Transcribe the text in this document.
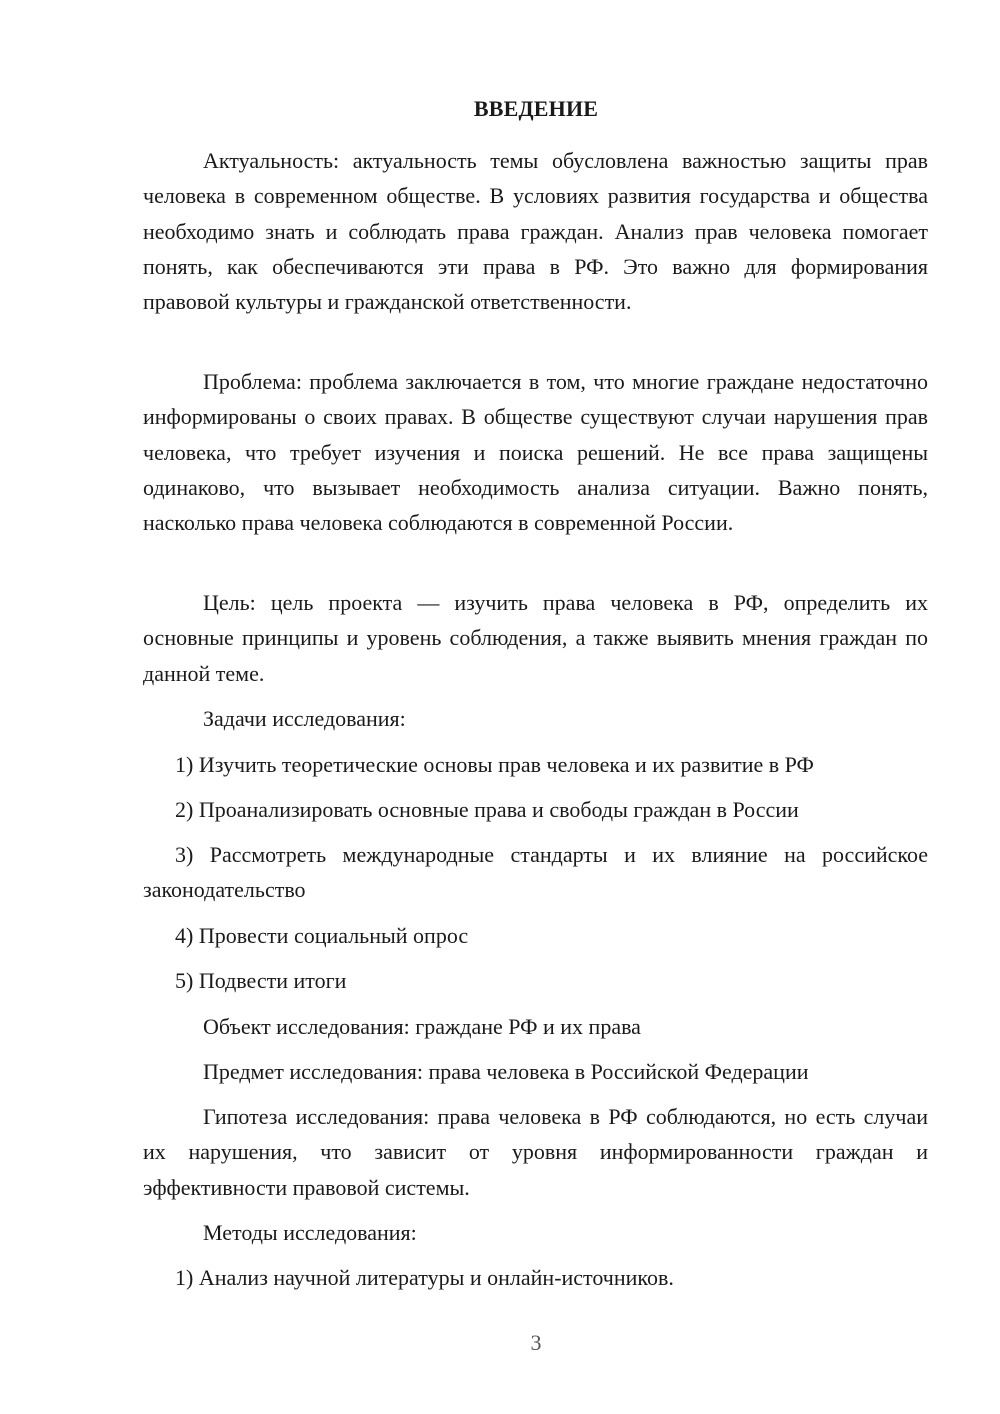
ВВЕДЕНИЕ

Актуальность: актуальность темы обусловлена важностью защиты прав человека в современном обществе. В условиях развития государства и общества необходимо знать и соблюдать права граждан. Анализ прав человека помогает понять, как обеспечиваются эти права в РФ. Это важно для формирования правовой культуры и гражданской ответственности.

Проблема: проблема заключается в том, что многие граждане недостаточно информированы о своих правах. В обществе существуют случаи нарушения прав человека, что требует изучения и поиска решений. Не все права защищены одинаково, что вызывает необходимость анализа ситуации. Важно понять, насколько права человека соблюдаются в современной России.

Цель: цель проекта — изучить права человека в РФ, определить их основные принципы и уровень соблюдения, а также выявить мнения граждан по данной теме.

Задачи исследования:
1) Изучить теоретические основы прав человека и их развитие в РФ
2) Проанализировать основные права и свободы граждан в России

3) Рассмотреть международные стандарты и их влияние на российское законодательство

4) Провести социальный опрос
5) Подвести итоги
Объект исследования: граждане РФ и их права
Предмет исследования: права человека в Российской Федерации

Гипотеза исследования: права человека в РФ соблюдаются, но есть случаи их нарушения, что зависит от уровня информированности граждан и эффективности правовой системы.

Методы исследования:
1) Анализ научной литературы и онлайн-источников.
3
